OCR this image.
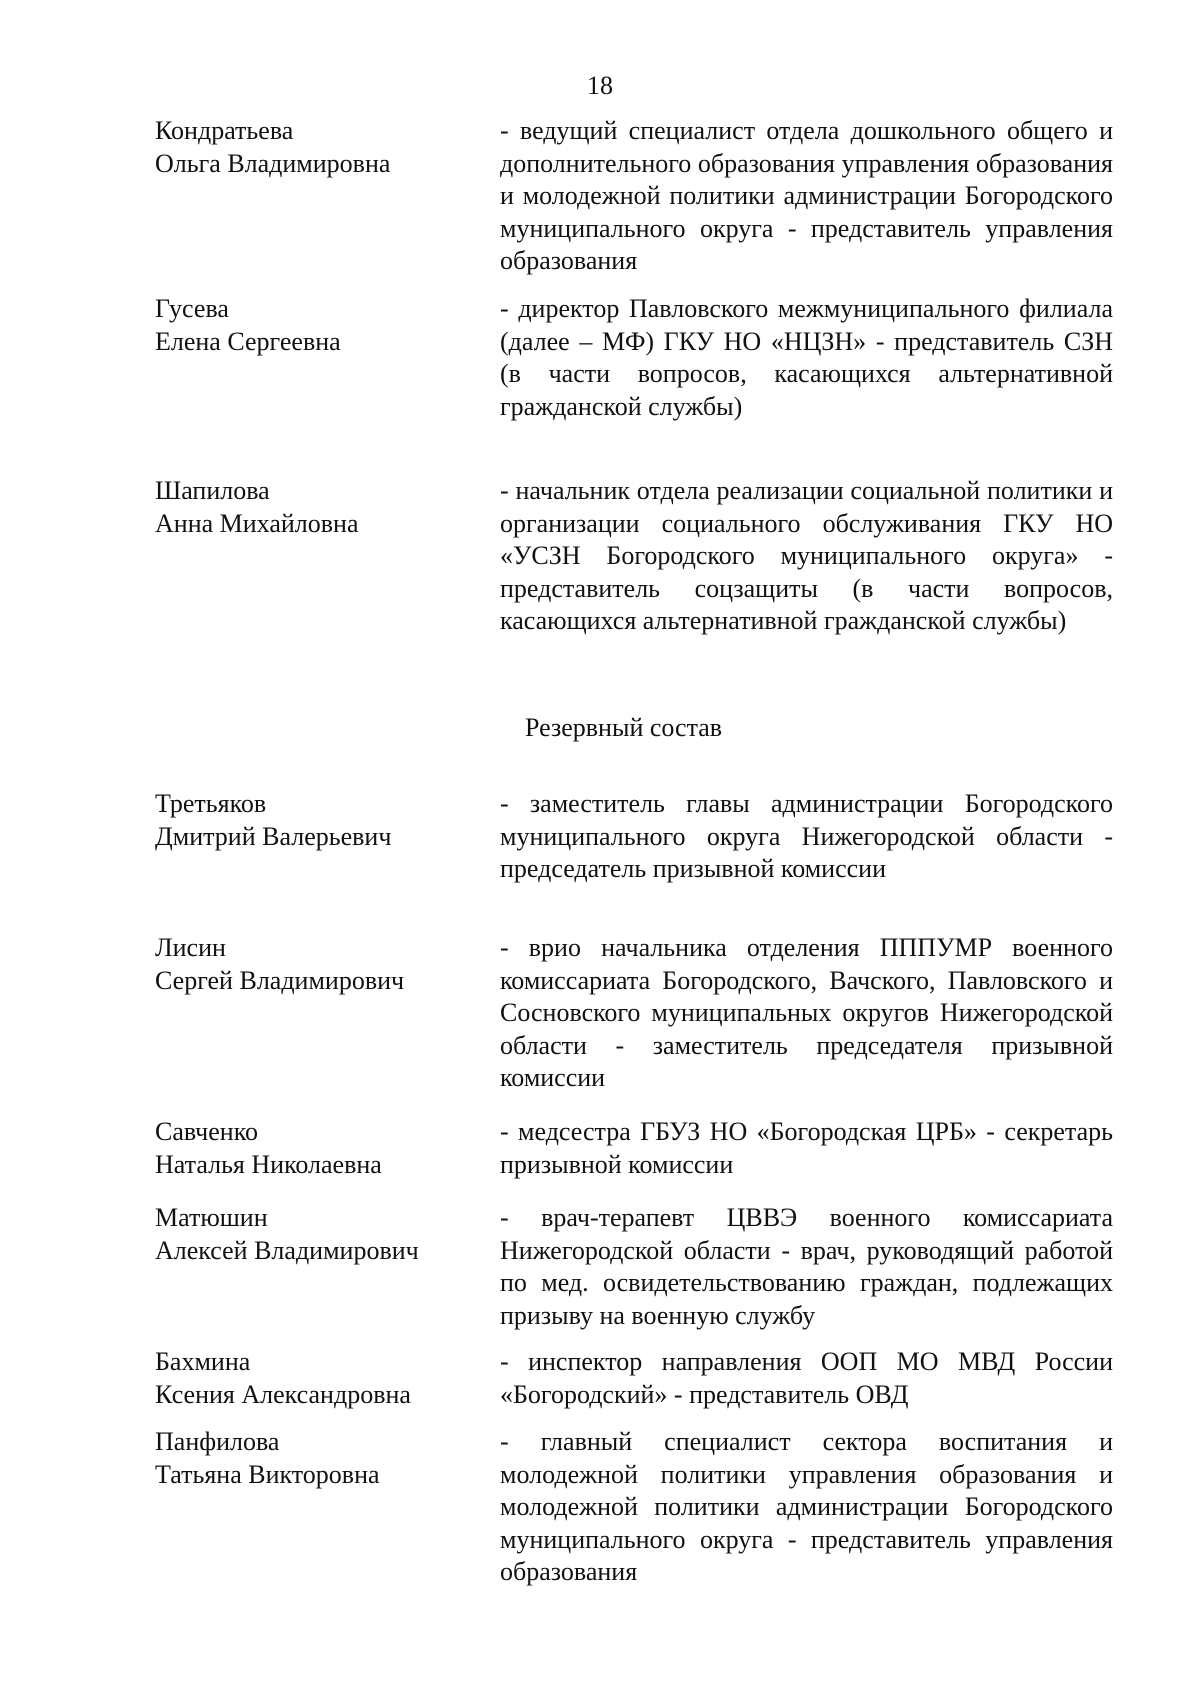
18
Кондратьева
Ольга Владимировна
- ведущий специалист отдела дошкольного общего и дополнительного образования управления образования и молодежной политики администрации Богородского муниципального округа - представитель управления образования
Гусева
Елена Сергеевна
- директор Павловского межмуниципального филиала (далее – МФ) ГКУ НО «НЦЗН» - представитель СЗН (в части вопросов, касающихся альтернативной гражданской службы)
Шапилова
Анна Михайловна
- начальник отдела реализации социальной политики и организации социального обслуживания ГКУ НО «УСЗН Богородского муниципального округа» - представитель соцзащиты (в части вопросов, касающихся альтернативной гражданской службы)
Резервный состав
Третьяков
Дмитрий Валерьевич
- заместитель главы администрации Богородского муниципального округа Нижегородской области - председатель призывной комиссии
Лисин
Сергей Владимирович
- врио начальника отделения ПППУМР военного комиссариата Богородского, Вачского, Павловского и Сосновского муниципальных округов Нижегородской области - заместитель председателя призывной комиссии
Савченко
Наталья Николаевна
- медсестра ГБУЗ НО «Богородская ЦРБ» - секретарь призывной комиссии
Матюшин
Алексей Владимирович
- врач-терапевт ЦВВЭ военного комиссариата Нижегородской области - врач, руководящий работой по мед. освидетельствованию граждан, подлежащих призыву на военную службу
Бахмина
Ксения Александровна
- инспектор направления ООП МО МВД России «Богородский» - представитель ОВД
Панфилова
Татьяна Викторовна
- главный специалист сектора воспитания и молодежной политики управления образования и молодежной политики администрации Богородского муниципального округа - представитель управления образования
